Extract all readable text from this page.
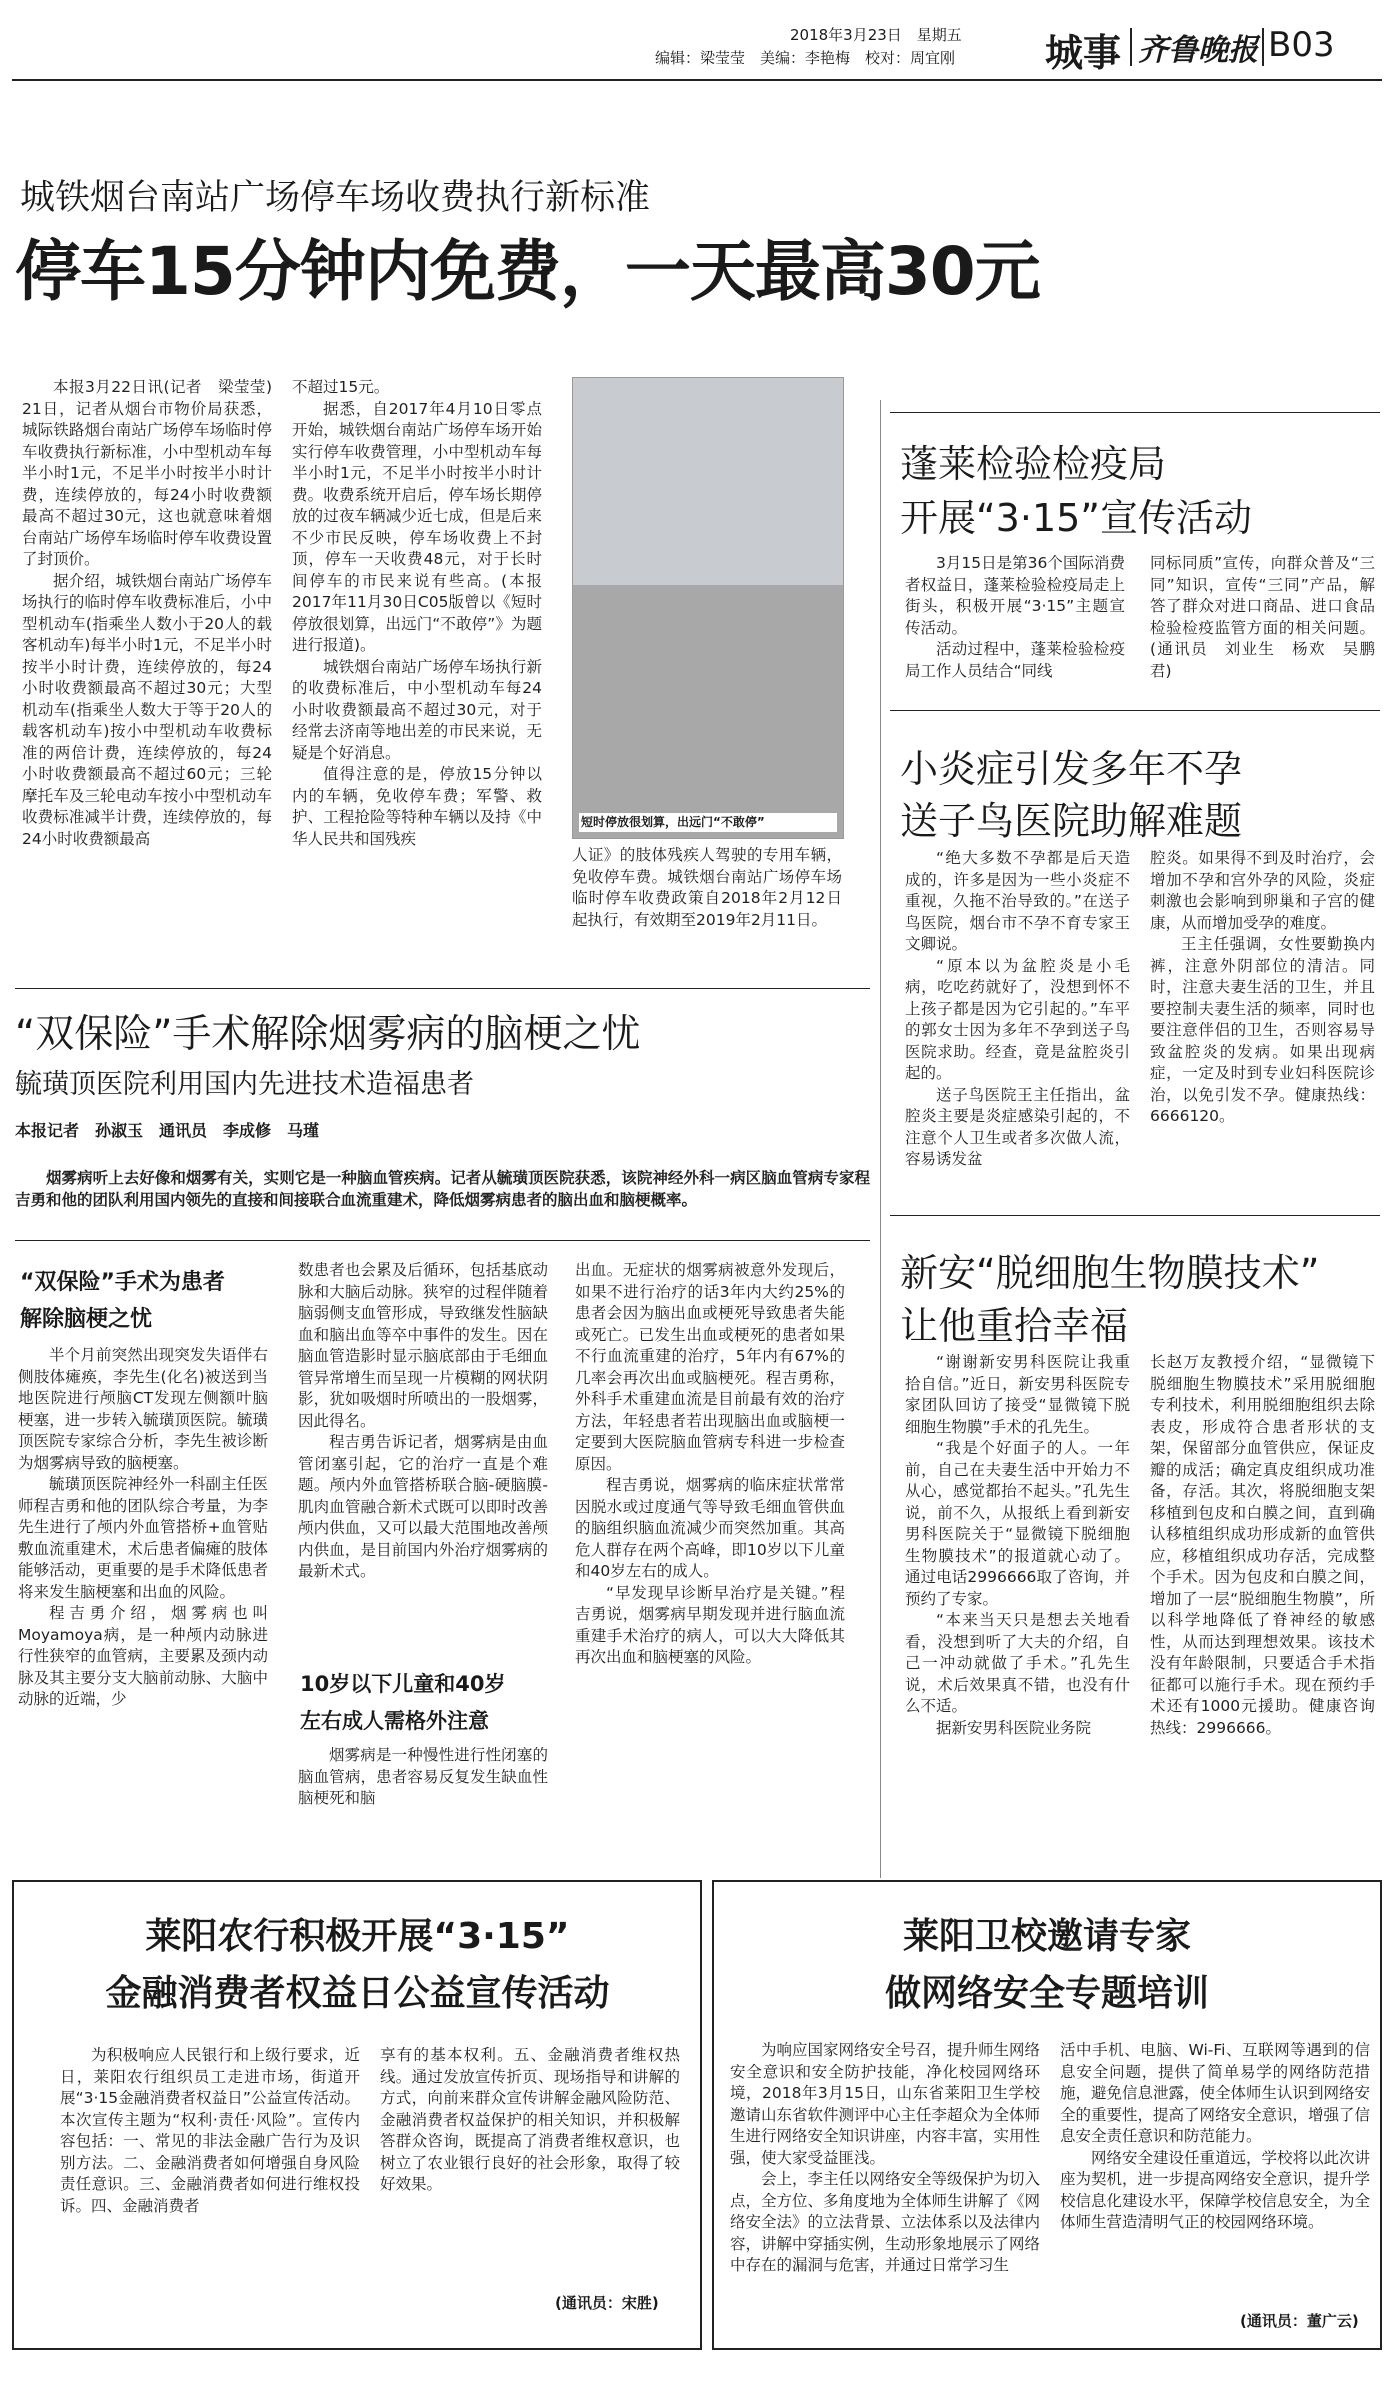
2018年3月23日　星期五
编辑：梁莹莹　美编：李艳梅　校对：周宜刚 城事 齐鲁晚报 B03
城铁烟台南站广场停车场收费执行新标准
停车15分钟内免费，一天最高30元

本报3月22日讯(记者　梁莹莹)　21日，记者从烟台市物价局获悉，城际铁路烟台南站广场停车场临时停车收费执行新标准，小中型机动车每半小时1元，不足半小时按半小时计费，连续停放的，每24小时收费额最高不超过30元，这也就意味着烟台南站广场停车场临时停车收费设置了封顶价。

据介绍，城铁烟台南站广场停车场执行的临时停车收费标准后，小中型机动车(指乘坐人数小于20人的载客机动车)每半小时1元，不足半小时按半小时计费，连续停放的，每24小时收费额最高不超过30元；大型机动车(指乘坐人数大于等于20人的载客机动车)按小中型机动车收费标准的两倍计费，连续停放的，每24小时收费额最高不超过60元；三轮摩托车及三轮电动车按小中型机动车收费标准减半计费，连续停放的，每24小时收费额最高

不超过15元。

据悉，自2017年4月10日零点开始，城铁烟台南站广场停车场开始实行停车收费管理，小中型机动车每半小时1元，不足半小时按半小时计费。收费系统开启后，停车场长期停放的过夜车辆减少近七成，但是后来不少市民反映，停车场收费上不封顶，停车一天收费48元，对于长时间停车的市民来说有些高。(本报2017年11月30日C05版曾以《短时停放很划算，出远门“不敢停”》为题进行报道)。

城铁烟台南站广场停车场执行新的收费标准后，中小型机动车每24小时收费额最高不超过30元，对于经常去济南等地出差的市民来说，无疑是个好消息。

值得注意的是，停放15分钟以内的车辆，免收停车费；军警、救护、工程抢险等特种车辆以及持《中华人民共和国残疾

短时停放很划算，出远门“不敢停”

人证》的肢体残疾人驾驶的专用车辆，免收停车费。城铁烟台南站广场停车场临时停车收费政策自2018年2月12日起执行，有效期至2019年2月11日。

蓬莱检验检疫局
开展“3·15”宣传活动

3月15日是第36个国际消费者权益日，蓬莱检验检疫局走上街头，积极开展“3·15”主题宣传活动。

活动过程中，蓬莱检验检疫局工作人员结合“同线

同标同质”宣传，向群众普及“三同”知识，宣传“三同”产品，解答了群众对进口商品、进口食品检验检疫监管方面的相关问题。(通讯员　刘业生　杨欢　吴鹏君)

小炎症引发多年不孕
送子鸟医院助解难题

“绝大多数不孕都是后天造成的，许多是因为一些小炎症不重视，久拖不治导致的。”在送子鸟医院，烟台市不孕不育专家王文卿说。

“原本以为盆腔炎是小毛病，吃吃药就好了，没想到怀不上孩子都是因为它引起的。”车平的郭女士因为多年不孕到送子鸟医院求助。经查，竟是盆腔炎引起的。

送子鸟医院王主任指出，盆腔炎主要是炎症感染引起的，不注意个人卫生或者多次做人流，容易诱发盆

腔炎。如果得不到及时治疗，会增加不孕和宫外孕的风险，炎症刺激也会影响到卵巢和子宫的健康，从而增加受孕的难度。

王主任强调，女性要勤换内裤，注意外阴部位的清洁。同时，注意夫妻生活的卫生，并且要控制夫妻生活的频率，同时也要注意伴侣的卫生，否则容易导致盆腔炎的发病。如果出现病症，一定及时到专业妇科医院诊治，以免引发不孕。健康热线：6666120。

新安“脱细胞生物膜技术”
让他重拾幸福

“谢谢新安男科医院让我重拾自信。”近日，新安男科医院专家团队回访了接受“显微镜下脱细胞生物膜”手术的孔先生。

“我是个好面子的人。一年前，自己在夫妻生活中开始力不从心，感觉都抬不起头。”孔先生说，前不久，从报纸上看到新安男科医院关于“显微镜下脱细胞生物膜技术”的报道就心动了。通过电话2996666取了咨询，并预约了专家。

“本来当天只是想去关地看看，没想到听了大夫的介绍，自己一冲动就做了手术。”孔先生说，术后效果真不错，也没有什么不适。

据新安男科医院业务院

长赵万友教授介绍，“显微镜下脱细胞生物膜技术”采用脱细胞专利技术，利用脱细胞组织去除表皮，形成符合患者形状的支架，保留部分血管供应，保证皮瓣的成活；确定真皮组织成功准备，存活。其次，将脱细胞支架移植到包皮和白膜之间，直到确认移植组织成功形成新的血管供应，移植组织成功存活，完成整个手术。因为包皮和白膜之间，增加了一层“脱细胞生物膜”，所以科学地降低了脊神经的敏感性，从而达到理想效果。该技术没有年龄限制，只要适合手术指征都可以施行手术。现在预约手术还有1000元援助。健康咨询热线：2996666。

“双保险”手术解除烟雾病的脑梗之忧
毓璜顶医院利用国内先进技术造福患者
本报记者　孙淑玉　通讯员　李成修　马瑾

烟雾病听上去好像和烟雾有关，实则它是一种脑血管疾病。记者从毓璜顶医院获悉，该院神经外科一病区脑血管病专家程吉勇和他的团队利用国内领先的直接和间接联合血流重建术，降低烟雾病患者的脑出血和脑梗概率。

“双保险”手术为患者
解除脑梗之忧

半个月前突然出现突发失语伴右侧肢体瘫痪，李先生(化名)被送到当地医院进行颅脑CT发现左侧额叶脑梗塞，进一步转入毓璜顶医院。毓璜顶医院专家综合分析，李先生被诊断为烟雾病导致的脑梗塞。

毓璜顶医院神经外一科副主任医师程吉勇和他的团队综合考量，为李先生进行了颅内外血管搭桥+血管贴敷血流重建术，术后患者偏瘫的肢体能够活动，更重要的是手术降低患者将来发生脑梗塞和出血的风险。

程吉勇介绍，烟雾病也叫Moyamoya病，是一种颅内动脉进行性狭窄的血管病，主要累及颈内动脉及其主要分支大脑前动脉、大脑中动脉的近端，少

数患者也会累及后循环，包括基底动脉和大脑后动脉。狭窄的过程伴随着脑弱侧支血管形成，导致继发性脑缺血和脑出血等卒中事件的发生。因在脑血管造影时显示脑底部由于毛细血管异常增生而呈现一片模糊的网状阴影，犹如吸烟时所喷出的一股烟雾，因此得名。

程吉勇告诉记者，烟雾病是由血管闭塞引起，它的治疗一直是个难题。颅内外血管搭桥联合脑-硬脑膜-肌肉血管融合新术式既可以即时改善颅内供血，又可以最大范围地改善颅内供血，是目前国内外治疗烟雾病的最新术式。

10岁以下儿童和40岁
左右成人需格外注意

烟雾病是一种慢性进行性闭塞的脑血管病，患者容易反复发生缺血性脑梗死和脑

出血。无症状的烟雾病被意外发现后，如果不进行治疗的话3年内大约25%的患者会因为脑出血或梗死导致患者失能或死亡。已发生出血或梗死的患者如果不行血流重建的治疗，5年内有67%的几率会再次出血或脑梗死。程吉勇称，外科手术重建血流是目前最有效的治疗方法，年轻患者若出现脑出血或脑梗一定要到大医院脑血管病专科进一步检查原因。

程吉勇说，烟雾病的临床症状常常因脱水或过度通气等导致毛细血管供血的脑组织脑血流减少而突然加重。其高危人群存在两个高峰，即10岁以下儿童和40岁左右的成人。

“早发现早诊断早治疗是关键。”程吉勇说，烟雾病早期发现并进行脑血流重建手术治疗的病人，可以大大降低其再次出血和脑梗塞的风险。

莱阳农行积极开展“3·15”
金融消费者权益日公益宣传活动

为积极响应人民银行和上级行要求，近日，莱阳农行组织员工走进市场，街道开展“3·15金融消费者权益日”公益宣传活动。本次宣传主题为“权利·责任·风险”。宣传内容包括：一、常见的非法金融广告行为及识别方法。二、金融消费者如何增强自身风险责任意识。三、金融消费者如何进行维权投诉。四、金融消费者

享有的基本权利。五、金融消费者维权热线。通过发放宣传折页、现场指导和讲解的方式，向前来群众宣传讲解金融风险防范、金融消费者权益保护的相关知识，并积极解答群众咨询，既提高了消费者维权意识，也树立了农业银行良好的社会形象，取得了较好效果。

(通讯员：宋胜)
莱阳卫校邀请专家
做网络安全专题培训

为响应国家网络安全号召，提升师生网络安全意识和安全防护技能，净化校园网络环境，2018年3月15日，山东省莱阳卫生学校邀请山东省软件测评中心主任李超众为全体师生进行网络安全知识讲座，内容丰富，实用性强，使大家受益匪浅。

会上，李主任以网络安全等级保护为切入点，全方位、多角度地为全体师生讲解了《网络安全法》的立法背景、立法体系以及法律内容，讲解中穿插实例，生动形象地展示了网络中存在的漏洞与危害，并通过日常学习生

活中手机、电脑、Wi-Fi、互联网等遇到的信息安全问题，提供了简单易学的网络防范措施，避免信息泄露，使全体师生认识到网络安全的重要性，提高了网络安全意识，增强了信息安全责任意识和防范能力。

网络安全建设任重道远，学校将以此次讲座为契机，进一步提高网络安全意识，提升学校信息化建设水平，保障学校信息安全，为全体师生营造清明气正的校园网络环境。

(通讯员：董广云)
